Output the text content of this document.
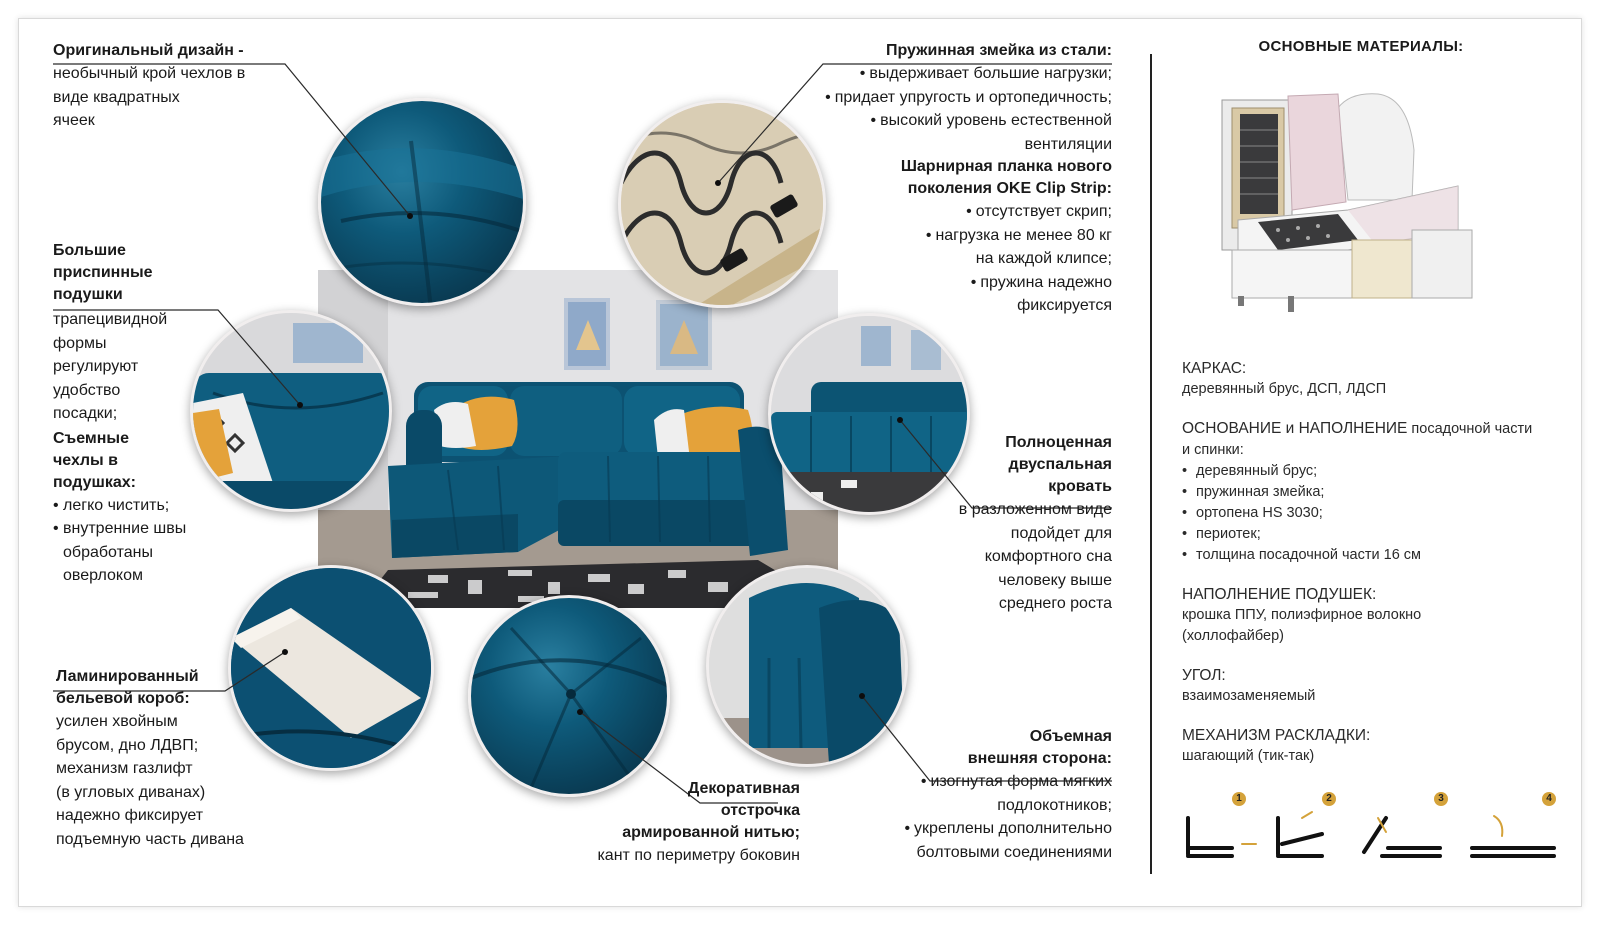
Оригинальный дизайн -
необычный крой чехлов в
виде квадратных
ячеек
Большие
приспинные
подушки
трапецивидной
формы
регулируют
удобство
посадки;
Съемные
чехлы в
подушках:
• легко чистить;
• внутренние швы обработаны оверлоком
Ламинированный
бельевой короб:
усилен хвойным
брусом, дно ЛДВП;
механизм газлифт
(в угловых диванах)
надежно фиксирует
подъемную часть дивана
Декоративная
отстрочка
армированной нитью;
кант по периметру боковин
Пружинная змейка из стали:
• выдерживает большие нагрузки;
• придает упругость и ортопедичность;
• высокий уровень естественной вентиляции
Шарнирная планка нового
поколения OKE Clip Strip:
• отсутствует скрип;
• нагрузка не менее 80 кг на каждой клипсе;
• пружина надежно фиксируется
Полноценная
двуспальная
кровать
в разложенном виде
подойдет для
комфортного сна
человеку выше
среднего роста
Объемная
внешняя сторона:
• изогнутая форма мягких подлокотников;
• укреплены дополнительно болтовыми соединениями
ОСНОВНЫЕ МАТЕРИАЛЫ:
КАРКАС:
деревянный брус, ДСП, ЛДСП
ОСНОВАНИЕ и НАПОЛНЕНИЕ посадочной части и спинки:
• деревянный брус;
• пружинная змейка;
• ортопена HS 3030;
• периотек;
• толщина посадочной части 16 см
НАПОЛНЕНИЕ ПОДУШЕК:
крошка ППУ, полиэфирное волокно (холлофайбер)
УГОЛ:
взаимозаменяемый
МЕХАНИЗМ РАСКЛАДКИ:
шагающий (тик-так)
1	2	3	4
